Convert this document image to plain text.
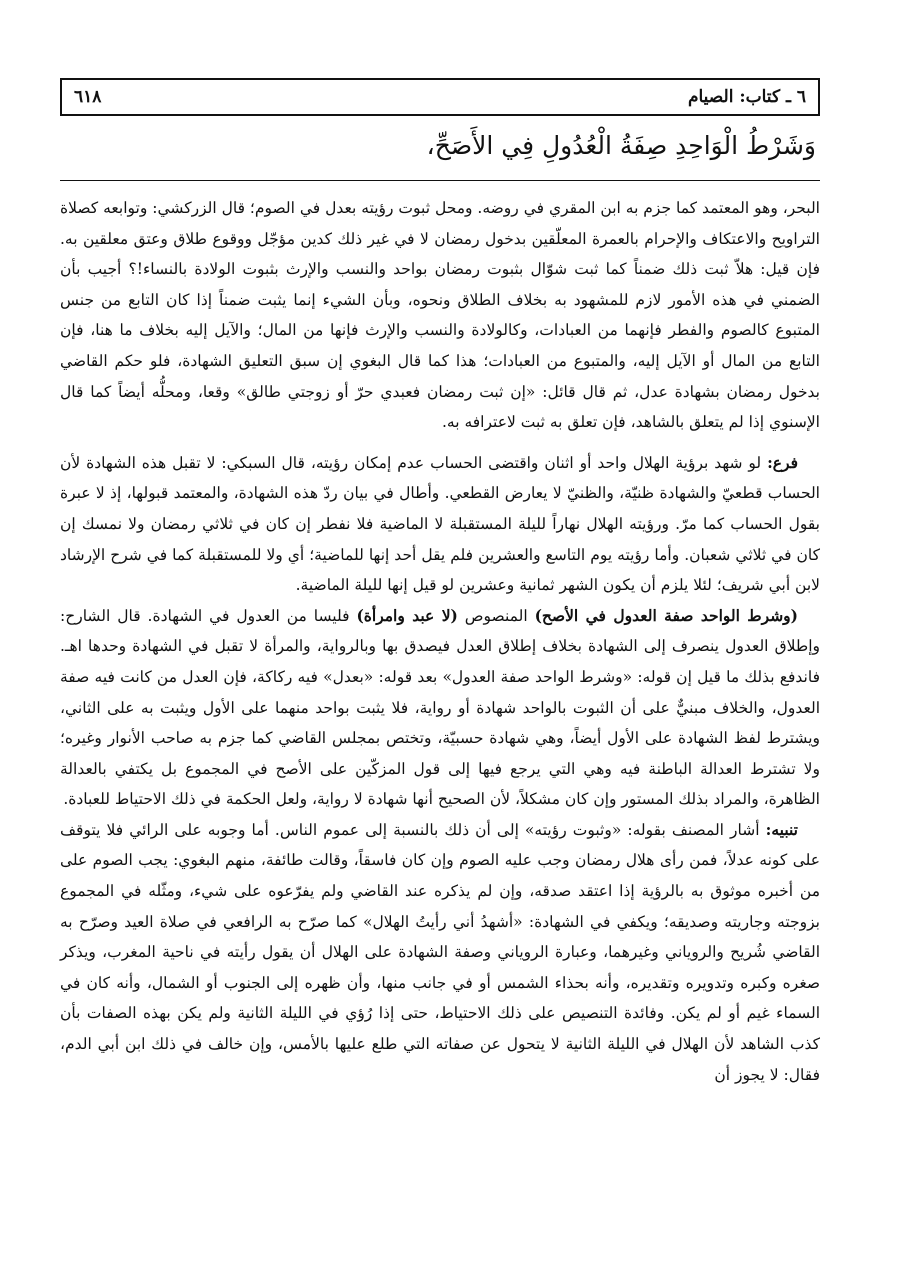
٦ ـ كتاب: الصيام
٦١٨
وَشَرْطُ الْوَاحِدِ صِفَةُ الْعُدُولِ فِي الأَصَحِّ،

البحر، وهو المعتمد كما جزم به ابن المقري في روضه. ومحل ثبوت رؤيته بعدل في الصوم؛ قال الزركشي: وتوابعه كصلاة التراويح والاعتكاف والإحرام بالعمرة المعلّقين بدخول رمضان لا في غير ذلك كدين مؤجّل ووقوع طلاق وعتق معلقين به. فإن قيل: هلاّ ثبت ذلك ضمناً كما ثبت شوّال بثبوت رمضان بواحد والنسب والإرث بثبوت الولادة بالنساء!؟ أجيب بأن الضمني في هذه الأمور لازم للمشهود به بخلاف الطلاق ونحوه، وبأن الشيء إنما يثبت ضمناً إذا كان التابع من جنس المتبوع كالصوم والفطر فإنهما من العبادات، وكالولادة والنسب والإرث فإنها من المال؛ والآيل إليه بخلاف ما هنا، فإن التابع من المال أو الآيل إليه، والمتبوع من العبادات؛ هذا كما قال البغوي إن سبق التعليق الشهادة، فلو حكم القاضي بدخول رمضان بشهادة عدل، ثم قال قائل: «إن ثبت رمضان فعبدي حرّ أو زوجتي طالق» وقعا، ومحلُّه أيضاً كما قال الإسنوي إذا لم يتعلق بالشاهد، فإن تعلق به ثبت لاعترافه به.

فرع: لو شهد برؤية الهلال واحد أو اثنان واقتضى الحساب عدم إمكان رؤيته، قال السبكي: لا تقبل هذه الشهادة لأن الحساب قطعيّ والشهادة ظنيّة، والظنيّ لا يعارض القطعي. وأطال في بيان ردّ هذه الشهادة، والمعتمد قبولها، إذ لا عبرة بقول الحساب كما مرّ. ورؤيته الهلال نهاراً لليلة المستقبلة لا الماضية فلا نفطر إن كان في ثلاثي رمضان ولا نمسك إن كان في ثلاثي شعبان. وأما رؤيته يوم التاسع والعشرين فلم يقل أحد إنها للماضية؛ أي ولا للمستقبلة كما في شرح الإرشاد لابن أبي شريف؛ لئلا يلزم أن يكون الشهر ثمانية وعشرين لو قيل إنها لليلة الماضية.

(وشرط الواحد صفة العدول في الأصح) المنصوص (لا عبد وامرأة) فليسا من العدول في الشهادة. قال الشارح: وإطلاق العدول ينصرف إلى الشهادة بخلاف إطلاق العدل فيصدق بها وبالرواية، والمرأة لا تقبل في الشهادة وحدها اهـ. فاندفع بذلك ما قيل إن قوله: «وشرط الواحد صفة العدول» بعد قوله: «بعدل» فيه ركاكة، فإن العدل من كانت فيه صفة العدول، والخلاف مبنيٌّ على أن الثبوت بالواحد شهادة أو رواية، فلا يثبت بواحد منهما على الأول ويثبت به على الثاني، ويشترط لفظ الشهادة على الأول أيضاً، وهي شهادة حسبيّة، وتختص بمجلس القاضي كما جزم به صاحب الأنوار وغيره؛ ولا تشترط العدالة الباطنة فيه وهي التي يرجع فيها إلى قول المزكّين على الأصح في المجموع بل يكتفي بالعدالة الظاهرة، والمراد بذلك المستور وإن كان مشكلاً، لأن الصحيح أنها شهادة لا رواية، ولعل الحكمة في ذلك الاحتياط للعبادة.

تنبيه: أشار المصنف بقوله: «وثبوت رؤيته» إلى أن ذلك بالنسبة إلى عموم الناس. أما وجوبه على الرائي فلا يتوقف على كونه عدلاً، فمن رأى هلال رمضان وجب عليه الصوم وإن كان فاسقاً، وقالت طائفة، منهم البغوي: يجب الصوم على من أخبره موثوق به بالرؤية إذا اعتقد صدقه، وإن لم يذكره عند القاضي ولم يفرّعوه على شيء، ومثّله في المجموع بزوجته وجاريته وصديقه؛ ويكفي في الشهادة: «أشهدُ أني رأيتُ الهلال» كما صرّح به الرافعي في صلاة العيد وصرّح به القاضي شُريح والروياني وغيرهما، وعبارة الروياني وصفة الشهادة على الهلال أن يقول رأيته في ناحية المغرب، ويذكر صغره وكبره وتدويره وتقديره، وأنه بحذاء الشمس أو في جانب منها، وأن ظهره إلى الجنوب أو الشمال، وأنه كان في السماء غيم أو لم يكن. وفائدة التنصيص على ذلك الاحتياط، حتى إذا رُؤي في الليلة الثانية ولم يكن بهذه الصفات بأن كذب الشاهد لأن الهلال في الليلة الثانية لا يتحول عن صفاته التي طلع عليها بالأمس، وإن خالف في ذلك ابن أبي الدم، فقال: لا يجوز أن
